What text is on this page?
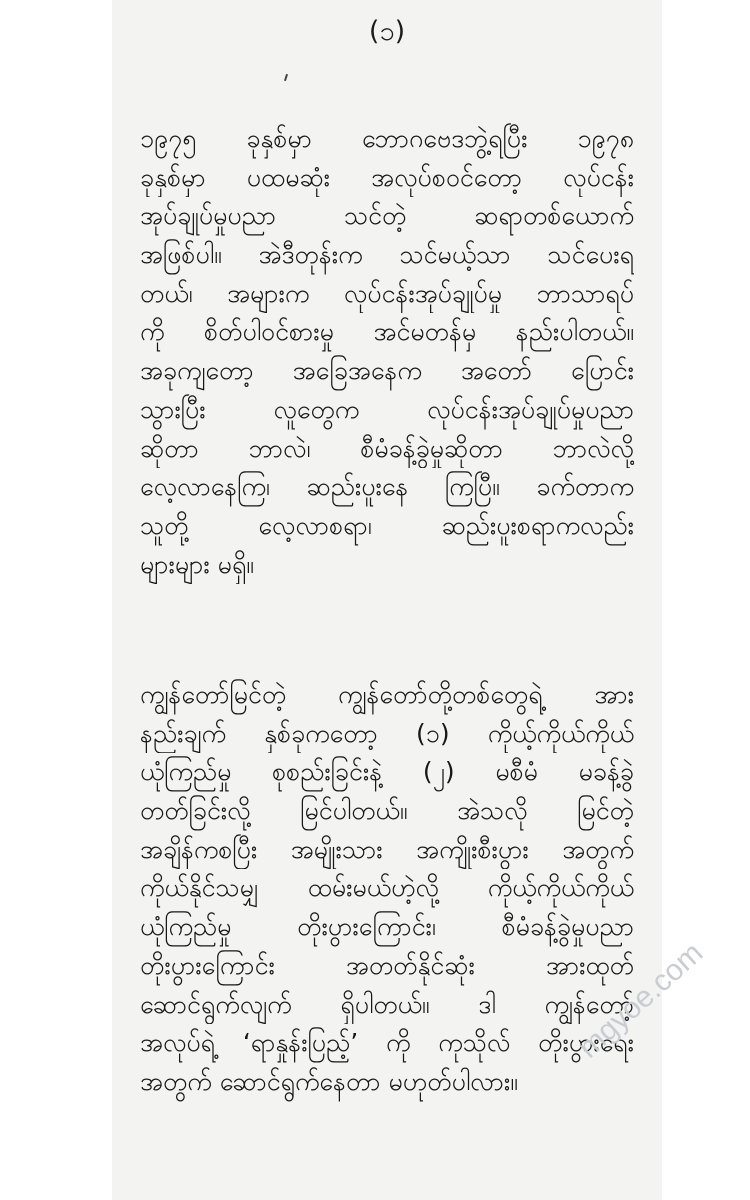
(၁)
၁၉၇၅ ခုနှစ်မှာ ဘောဂဗေဒဘွဲ့ရပြီး ၁၉၇၈
ခုနှစ်မှာ ပထမဆုံး အလုပ်စဝင်တော့ လုပ်ငန်း
အုပ်ချုပ်မှုပညာ သင်တဲ့ ဆရာတစ်ယောက်
အဖြစ်ပါ။ အဲဒီတုန်းက သင်မယ့်သာ သင်ပေးရ
တယ်၊ အများက လုပ်ငန်းအုပ်ချုပ်မှု ဘာသာရပ်
ကို စိတ်ပါဝင်စားမှု အင်မတန်မှ နည်းပါတယ်။
အခုကျတော့ အခြေအနေက အတော် ပြောင်း
သွားပြီး လူတွေက လုပ်ငန်းအုပ်ချုပ်မှုပညာ
ဆိုတာ ဘာလဲ၊ စီမံခန့်ခွဲမှုဆိုတာ ဘာလဲလို့
လေ့လာနေကြ၊ ဆည်းပူးနေ ကြပြီ။ ခက်တာက
သူတို့ လေ့လာစရာ၊ ဆည်းပူးစရာကလည်း
များများ မရှိ။
ကျွန်တော်မြင်တဲ့ ကျွန်တော်တို့တစ်တွေရဲ့ အား
နည်းချက် နှစ်ခုကတော့ (၁) ကိုယ့်ကိုယ်ကိုယ်
ယုံကြည်မှု စုစည်းခြင်းနဲ့ (၂) မစီမံ မခန့်ခွဲ
တတ်ခြင်းလို့ မြင်ပါတယ်။ အဲသလို မြင်တဲ့
အချိန်ကစပြီး အမျိုးသား အကျိုးစီးပွား အတွက်
ကိုယ်နိုင်သမျှ ထမ်းမယ်ဟဲ့လို့ ကိုယ့်ကိုယ်ကိုယ်
ယုံကြည်မှု တိုးပွားကြောင်း၊ စီမံခန့်ခွဲမှုပညာ
တိုးပွားကြောင်း အတတ်နိုင်ဆုံး အားထုတ်
ဆောင်ရွက်လျက် ရှိပါတယ်။ ဒါ ကျွန်တော့်
အလုပ်ရဲ့ ‘ရာနှုန်းပြည့်’ ကို ကုသိုလ် တိုးပွားရေး
အတွက် ဆောင်ရွက်နေတာ မဟုတ်ပါလား။
mgyoe.com
